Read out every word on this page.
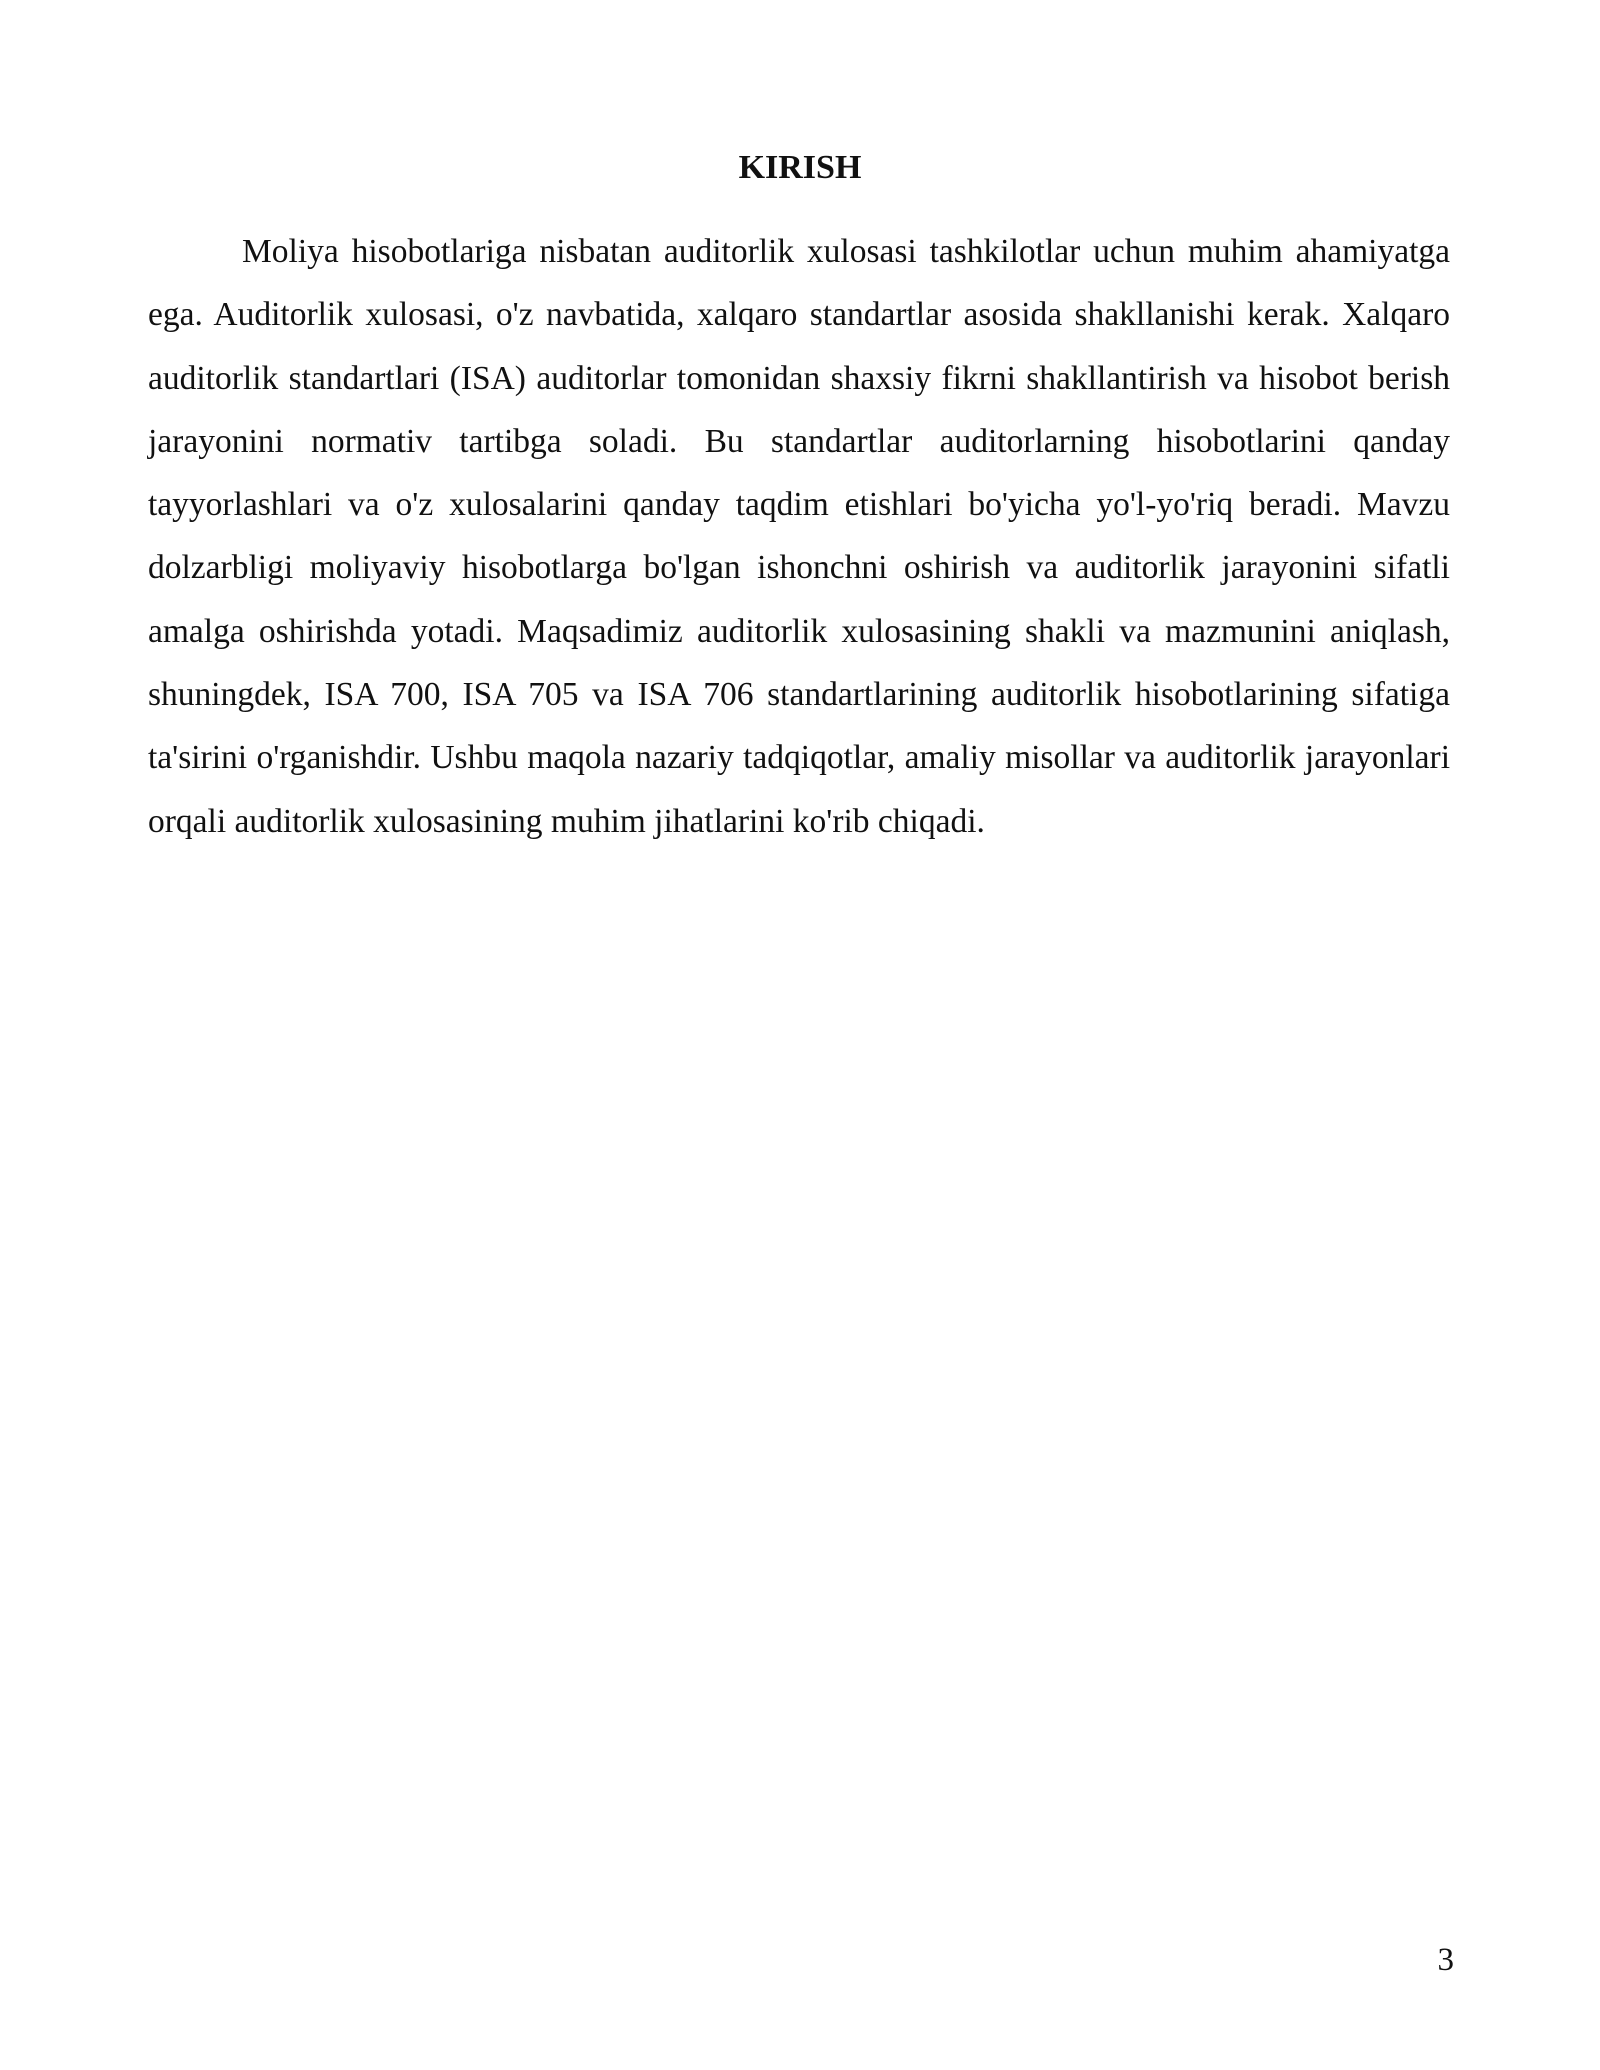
KIRISH

Moliya hisobotlariga nisbatan auditorlik xulosasi tashkilotlar uchun muhim ahamiyatga ega. Auditorlik xulosasi, o'z navbatida, xalqaro standartlar asosida shakllanishi kerak. Xalqaro auditorlik standartlari (ISA) auditorlar tomonidan shaxsiy fikrni shakllantirish va hisobot berish jarayonini normativ tartibga soladi. Bu standartlar auditorlarning hisobotlarini qanday tayyorlashlari va o'z xulosalarini qanday taqdim etishlari bo'yicha yo'l-yo'riq beradi. Mavzu dolzarbligi moliyaviy hisobotlarga bo'lgan ishonchni oshirish va auditorlik jarayonini sifatli amalga oshirishda yotadi. Maqsadimiz auditorlik xulosasining shakli va mazmunini aniqlash, shuningdek, ISA 700, ISA 705 va ISA 706 standartlarining auditorlik hisobotlarining sifatiga ta'sirini o'rganishdir. Ushbu maqola nazariy tadqiqotlar, amaliy misollar va auditorlik jarayonlari orqali auditorlik xulosasining muhim jihatlarini ko'rib chiqadi.

3
